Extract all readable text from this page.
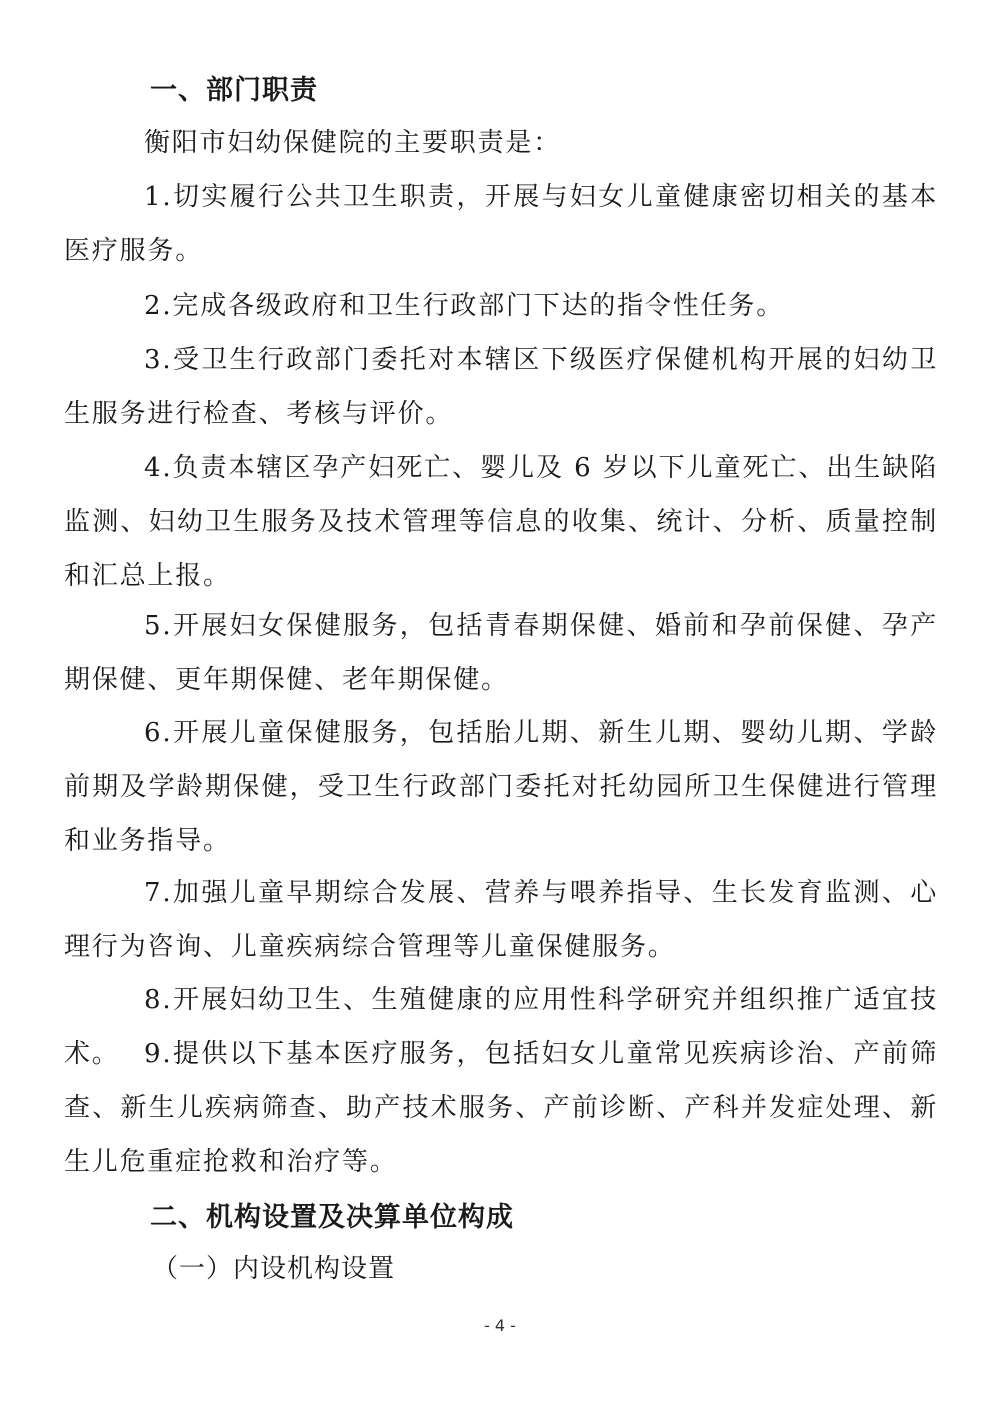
一、部门职责

衡阳市妇幼保健院的主要职责是：

1.切实履行公共卫生职责，开展与妇女儿童健康密切相关的基本医疗服务。

2.完成各级政府和卫生行政部门下达的指令性任务。

3.受卫生行政部门委托对本辖区下级医疗保健机构开展的妇幼卫生服务进行检查、考核与评价。

4.负责本辖区孕产妇死亡、婴儿及 6 岁以下儿童死亡、出生缺陷监测、妇幼卫生服务及技术管理等信息的收集、统计、分析、质量控制和汇总上报。

5.开展妇女保健服务，包括青春期保健、婚前和孕前保健、孕产期保健、更年期保健、老年期保健。

6.开展儿童保健服务，包括胎儿期、新生儿期、婴幼儿期、学龄前期及学龄期保健，受卫生行政部门委托对托幼园所卫生保健进行管理和业务指导。

7.加强儿童早期综合发展、营养与喂养指导、生长发育监测、心理行为咨询、儿童疾病综合管理等儿童保健服务。

8.开展妇幼卫生、生殖健康的应用性科学研究并组织推广适宜技术。 9.提供以下基本医疗服务，包括妇女儿童常见疾病诊治、产前筛查、新生儿疾病筛查、助产技术服务、产前诊断、产科并发症处理、新生儿危重症抢救和治疗等。

二、机构设置及决算单位构成

（一）内设机构设置

- 4 -
